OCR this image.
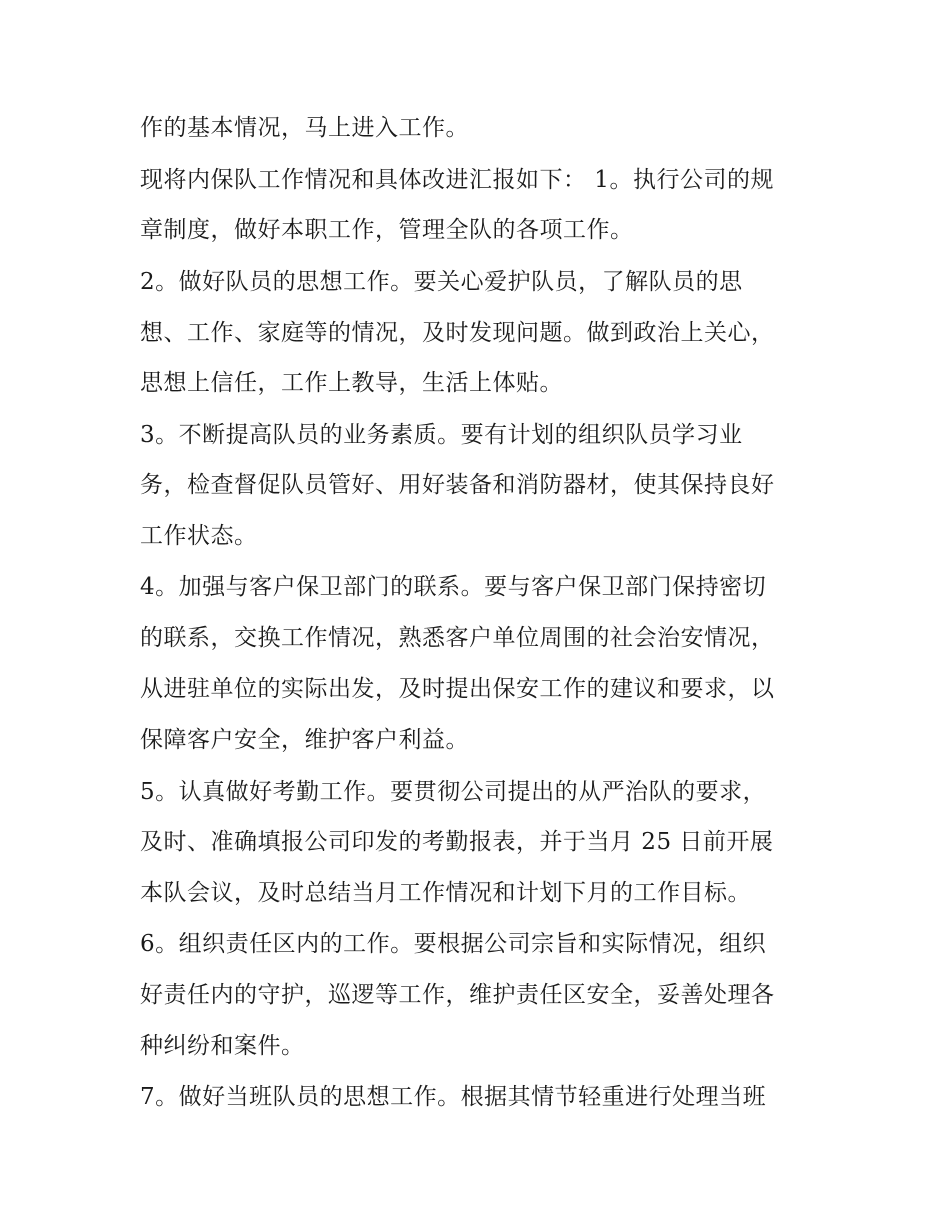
作的基本情况，马上进入工作。
现将内保队工作情况和具体改进汇报如下： 1。执行公司的规
章制度，做好本职工作，管理全队的各项工作。
2。做好队员的思想工作。要关心爱护队员，了解队员的思
想、工作、家庭等的情况，及时发现问题。做到政治上关心，
思想上信任，工作上教导，生活上体贴。
3。不断提高队员的业务素质。要有计划的组织队员学习业
务，检查督促队员管好、用好装备和消防器材，使其保持良好
工作状态。
4。加强与客户保卫部门的联系。要与客户保卫部门保持密切
的联系，交换工作情况，熟悉客户单位周围的社会治安情况，
从进驻单位的实际出发，及时提出保安工作的建议和要求，以
保障客户安全，维护客户利益。
5。认真做好考勤工作。要贯彻公司提出的从严治队的要求，
及时、准确填报公司印发的考勤报表，并于当月 25 日前开展
本队会议，及时总结当月工作情况和计划下月的工作目标。
6。组织责任区内的工作。要根据公司宗旨和实际情况，组织
好责任内的守护，巡逻等工作，维护责任区安全，妥善处理各
种纠纷和案件。
7。做好当班队员的思想工作。根据其情节轻重进行处理当班
